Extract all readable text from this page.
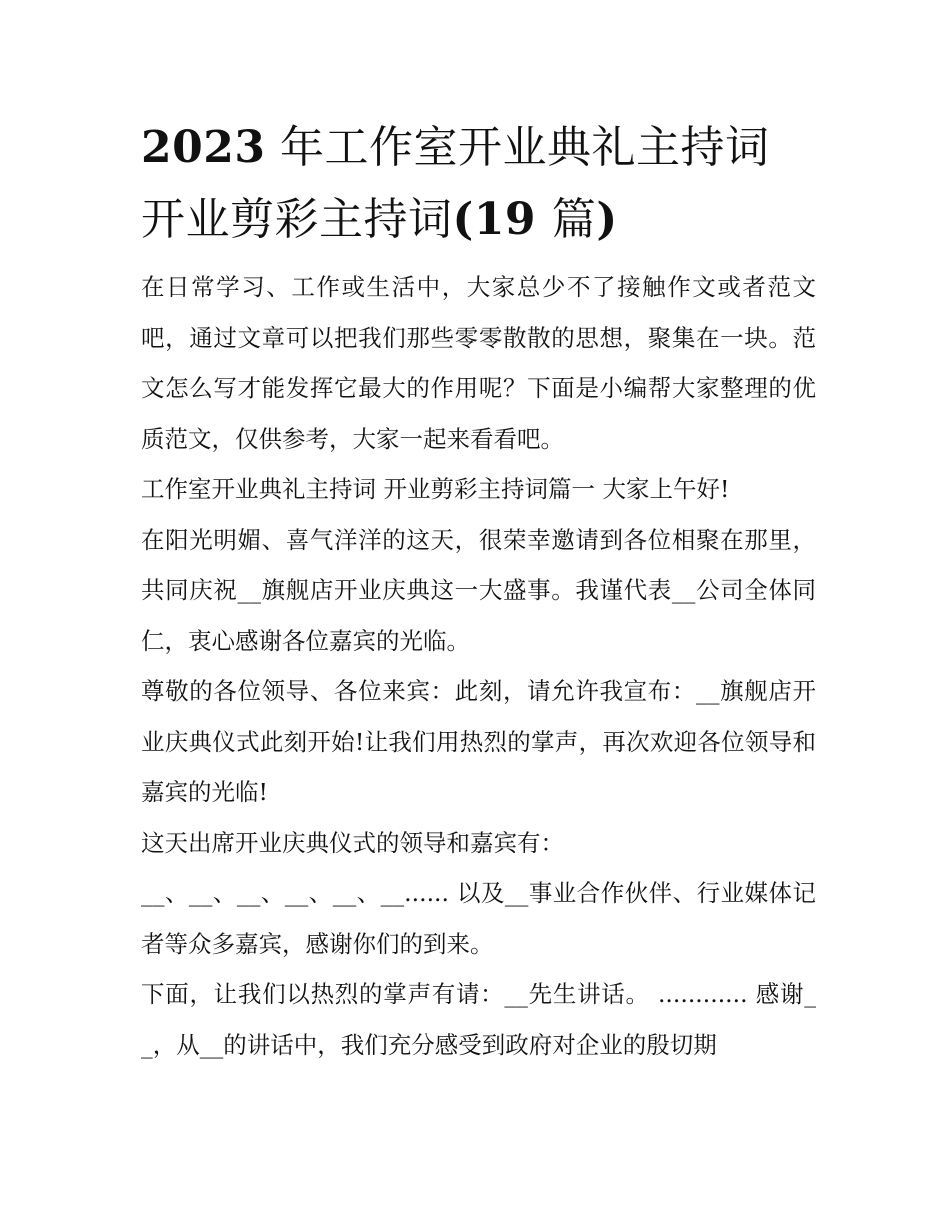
2023 年工作室开业典礼主持词
开业剪彩主持词(19 篇)

在日常学习、工作或生活中，大家总少不了接触作文或者范文吧，通过文章可以把我们那些零零散散的思想，聚集在一块。范文怎么写才能发挥它最大的作用呢？下面是小编帮大家整理的优质范文，仅供参考，大家一起来看看吧。

工作室开业典礼主持词 开业剪彩主持词篇一 大家上午好!

在阳光明媚、喜气洋洋的这天，很荣幸邀请到各位相聚在那里，共同庆祝__旗舰店开业庆典这一大盛事。我谨代表__公司全体同仁，衷心感谢各位嘉宾的光临。

尊敬的各位领导、各位来宾：此刻，请允许我宣布：__旗舰店开业庆典仪式此刻开始!让我们用热烈的掌声，再次欢迎各位领导和嘉宾的光临!

这天出席开业庆典仪式的领导和嘉宾有：

__、__、__、__、__、__...... 以及__事业合作伙伴、行业媒体记者等众多嘉宾，感谢你们的到来。

下面，让我们以热烈的掌声有请：__先生讲话。 ............ 感谢__，从__的讲话中，我们充分感受到政府对企业的殷切期
